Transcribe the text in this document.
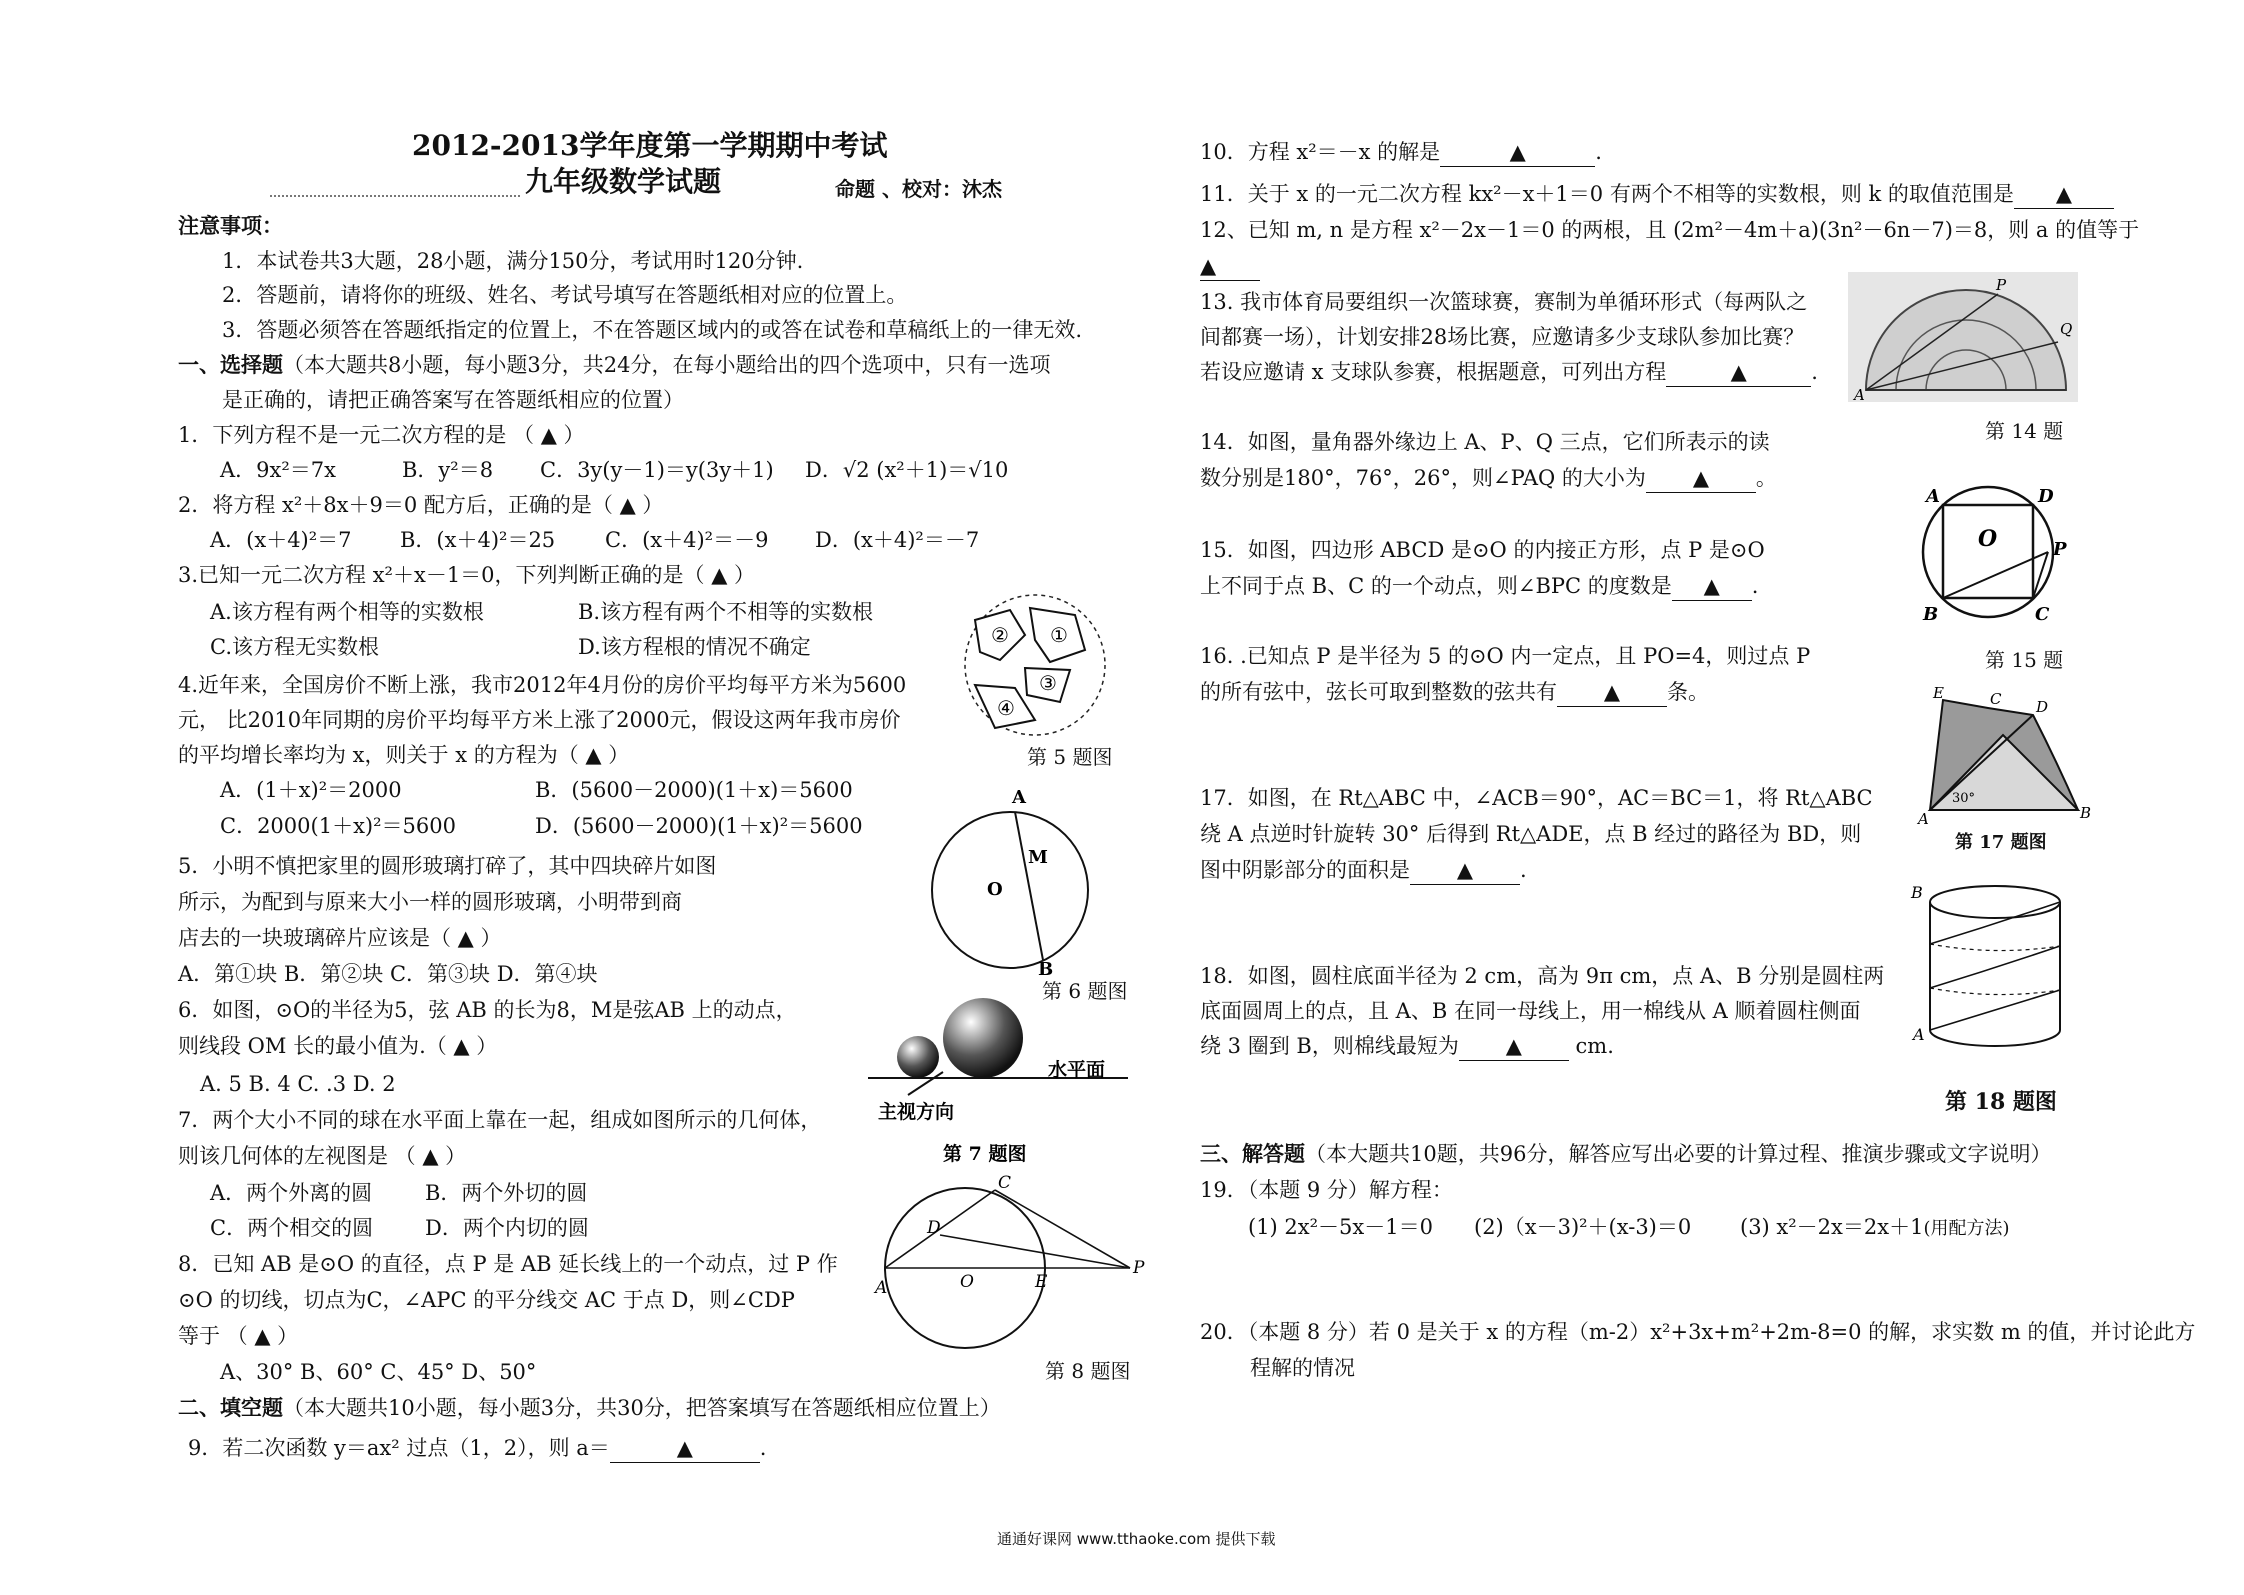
2012-2013学年度第一学期期中考试
九年级数学试题	命题 、校对：沐杰
注意事项：
1．本试卷共3大题，28小题，满分150分，考试用时120分钟.
2．答题前，请将你的班级、姓名、考试号填写在答题纸相对应的位置上。
3．答题必须答在答题纸指定的位置上，不在答题区域内的或答在试卷和草稿纸上的一律无效.
一、选择题（本大题共8小题，每小题3分，共24分，在每小题给出的四个选项中，只有一选项
是正确的，请把正确答案写在答题纸相应的位置）
1．下列方程不是一元二次方程的是 （ ▲ ）
A．9x²＝7x	B．y²＝8 C．3y(y－1)＝y(3y＋1) D．√2 (x²＋1)＝√10
2．将方程 x²＋8x＋9＝0 配方后，正确的是（ ▲ ）
A．(x＋4)²＝7 B．(x＋4)²＝25 C．(x＋4)²＝－9 D．(x＋4)²＝－7
3.已知一元二次方程 x²＋x－1＝0，下列判断正确的是（ ▲ ）
A.该方程有两个相等的实数根	B.该方程有两个不相等的实数根
C.该方程无实数根	D.该方程根的情况不确定
4.近年来，全国房价不断上涨，我市2012年4月份的房价平均每平方米为5600
元， 比2010年同期的房价平均每平方米上涨了2000元，假设这两年我市房价
的平均增长率均为 x，则关于 x 的方程为（ ▲ ）
A．(1＋x)²＝2000	B．(5600－2000)(1＋x)＝5600
C．2000(1＋x)²＝5600	D．(5600－2000)(1＋x)²＝5600
5．小明不慎把家里的圆形玻璃打碎了，其中四块碎片如图
所示，为配到与原来大小一样的圆形玻璃，小明带到商
店去的一块玻璃碎片应该是（ ▲ ）
A．第①块 B．第②块 C．第③块 D．第④块
6．如图，⊙O的半径为5，弦 AB 的长为8，M是弦AB 上的动点，
则线段 OM 长的最小值为.（ ▲ ）
A. 5 B. 4 C. .3 D. 2
7．两个大小不同的球在水平面上靠在一起，组成如图所示的几何体，
则该几何体的左视图是 （ ▲ ）
A．两个外离的圆	B．两个外切的圆
C．两个相交的圆 D．两个内切的圆
8．已知 AB 是⊙O 的直径，点 P 是 AB 延长线上的一个动点，过 P 作
⊙O 的切线，切点为C，∠APC 的平分线交 AC 于点 D，则∠CDP
等于 （ ▲ ）
A、30° B、60° C、45° D、50°
二、填空题（本大题共10小题，每小题3分，共30分，把答案填写在答题纸相应位置上）
9．若二次函数 y＝ax² 过点（1，2），则 a＝	▲	.
② ①
③
④
第 5 题图
A
B
O
M
第 6 题图
水平面
主视方向
第 7 题图
A
C
D
O	E
P
第 8 题图
10．方程 x²＝－x 的解是	▲	.
11．关于 x 的一元二次方程 kx²－x＋1＝0 有两个不相等的实数根，则 k 的取值范围是 ▲
12、已知 m, n 是方程 x²－2x－1＝0 的两根，且 (2m²－4m＋a)(3n²－6n－7)＝8，则 a 的值等于
▲
13. 我市体育局要组织一次篮球赛，赛制为单循环形式（每两队之
间都赛一场），计划安排28场比赛，应邀请多少支球队参加比赛？
若设应邀请 x 支球队参赛，根据题意，可列出方程	▲	.
14．如图，量角器外缘边上 A、P、Q 三点，它们所表示的读
数分别是180°，76°，26°，则∠PAQ 的大小为 ▲ 。
15．如图，四边形 ABCD 是⊙O 的内接正方形，点 P 是⊙O
上不同于点 B、C 的一个动点，则∠BPC 的度数是 ▲ .
16. .已知点 P 是半径为 5 的⊙O 内一定点，且 PO=4，则过点 P
的所有弦中，弦长可取到整数的弦共有 ▲ 条。
17．如图，在 Rt△ABC 中，∠ACB＝90°，AC＝BC＝1，将 Rt△ABC
绕 A 点逆时针旋转 30° 后得到 Rt△ADE，点 B 经过的路径为 BD，则
图中阴影部分的面积是 ▲ .
18．如图，圆柱底面半径为 2 cm，高为 9π cm，点 A、B 分别是圆柱两
底面圆周上的点，且 A、B 在同一母线上，用一棉线从 A 顺着圆柱侧面
绕 3 圈到 B，则棉线最短为 ▲	cm.
三、解答题（本大题共10题，共96分，解答应写出必要的计算过程、推演步骤或文字说明）
19．（本题 9 分）解方程：
(1) 2x²－5x－1＝0 (2)（x－3)²＋(x-3)＝0 (3) x²－2x＝2x＋1(用配方法)
20．（本题 8 分）若 0 是关于 x 的方程（m-2）x²+3x+m²+2m-8=0 的解，求实数 m 的值，并讨论此方
程解的情况
P
Q
A
第 14 题
A	D
O	P
B	C
第 15 题
E	C D
A	B
30°
第 17 题图
B
A
第 18 题图
通通好课网 www.tthaoke.com 提供下载
